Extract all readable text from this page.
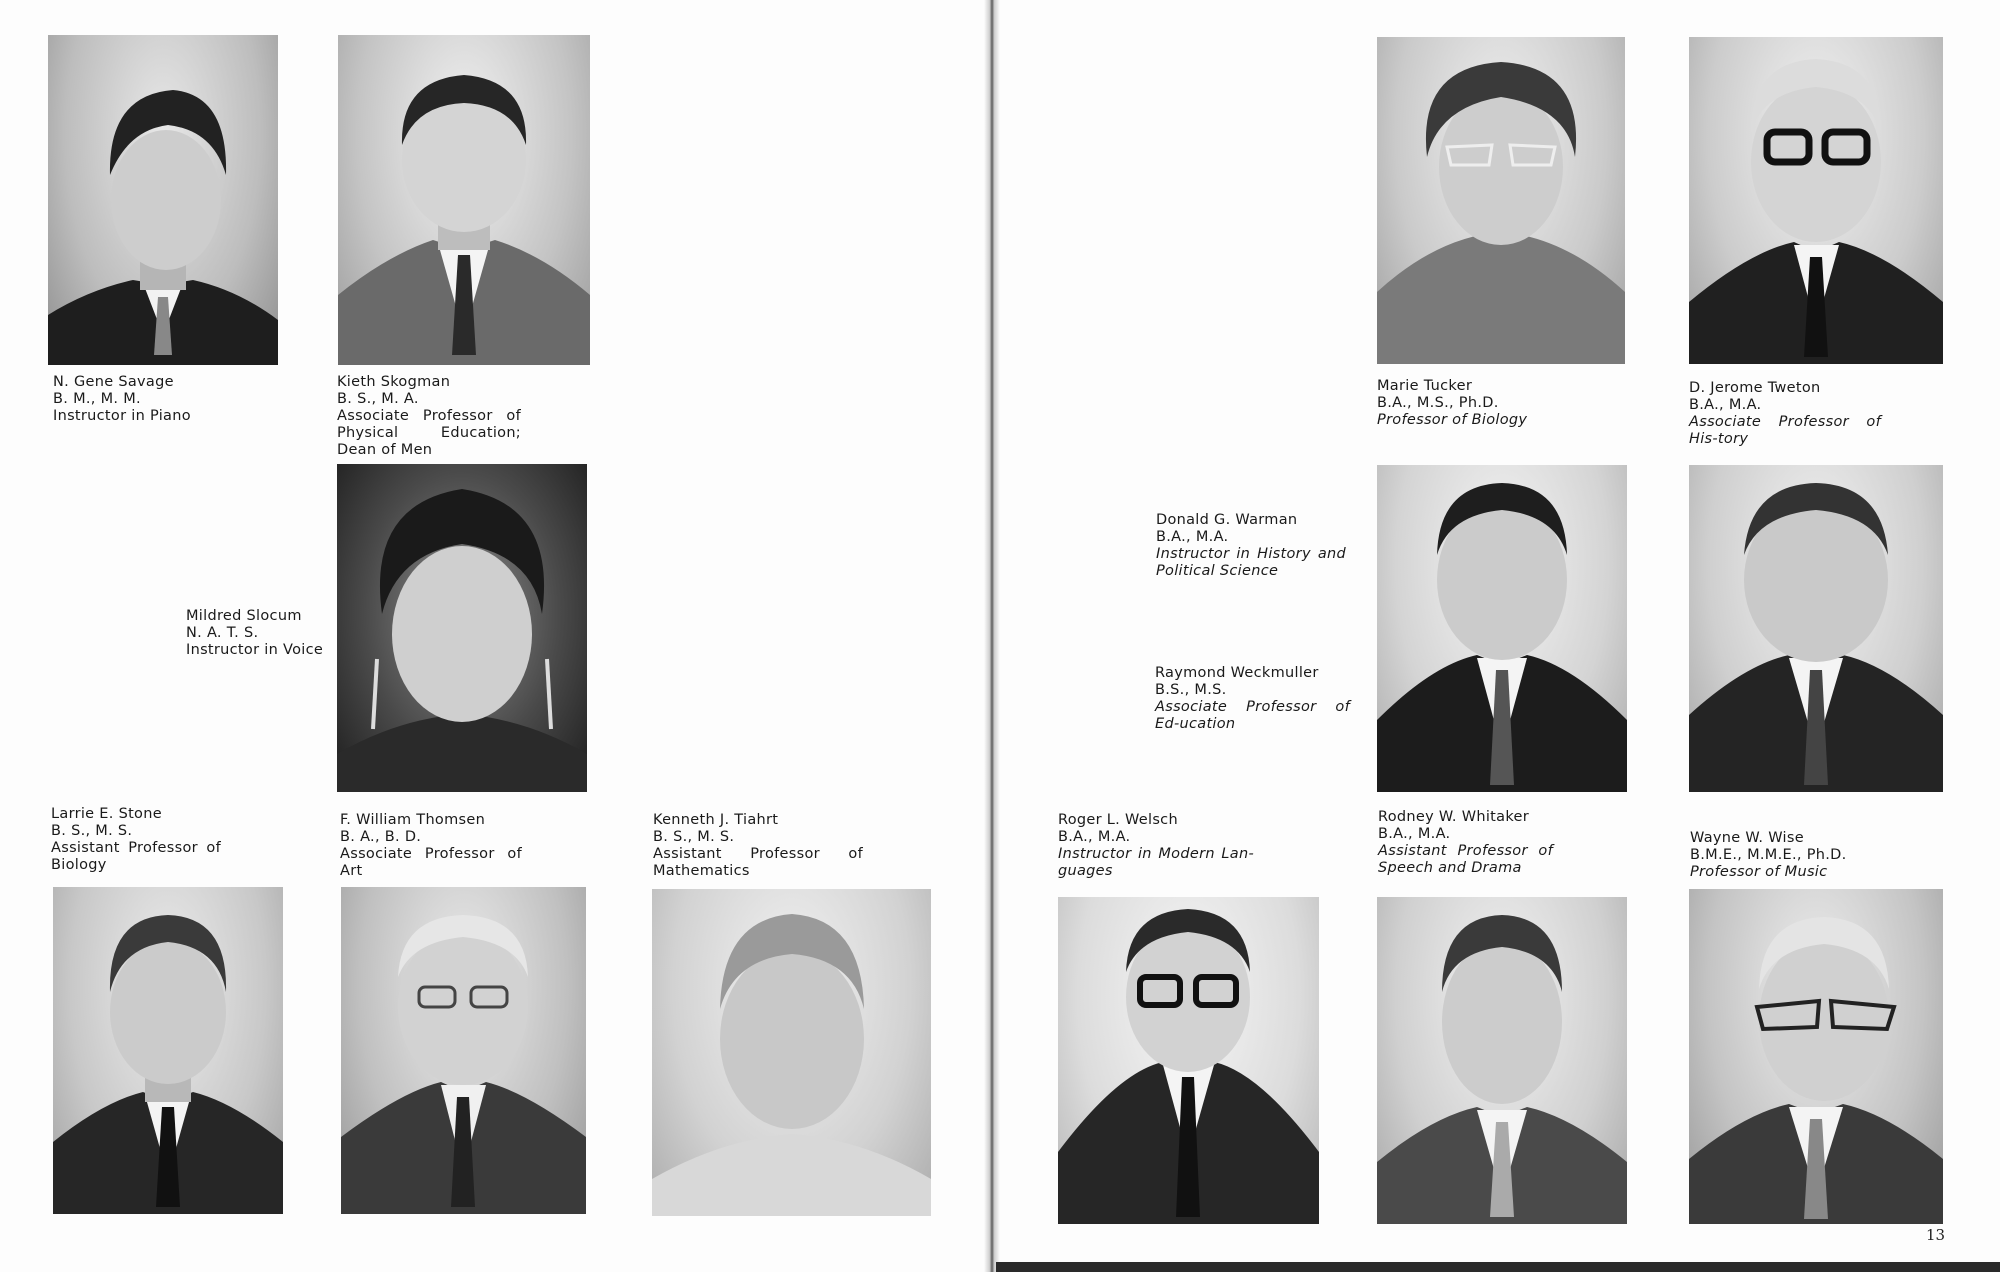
N. Gene Savage
B. M., M. M.
Instructor in Piano
Kieth Skogman
B. S., M. A.
Associate Professor of Physical Education; Dean of Men
Mildred Slocum
N. A. T. S.
Instructor in Voice
Larrie E. Stone
B. S., M. S.
Assistant Professor of Biology
F. William Thomsen
B. A., B. D.
Associate Professor of Art
Kenneth J. Tiahrt
B. S., M. S.
Assistant Professor of Mathematics
Marie Tucker
B.A., M.S., Ph.D.
Professor of Biology
D. Jerome Tweton
B.A., M.A.
Associate Professor of His-tory
Donald G. Warman
B.A., M.A.
Instructor in History and Political Science
Raymond Weckmuller
B.S., M.S.
Associate Professor of Ed-ucation
Roger L. Welsch
B.A., M.A.
Instructor in Modern Lan-guages
Rodney W. Whitaker
B.A., M.A.
Assistant Professor of Speech and Drama
Wayne W. Wise
B.M.E., M.M.E., Ph.D.
Professor of Music
13
